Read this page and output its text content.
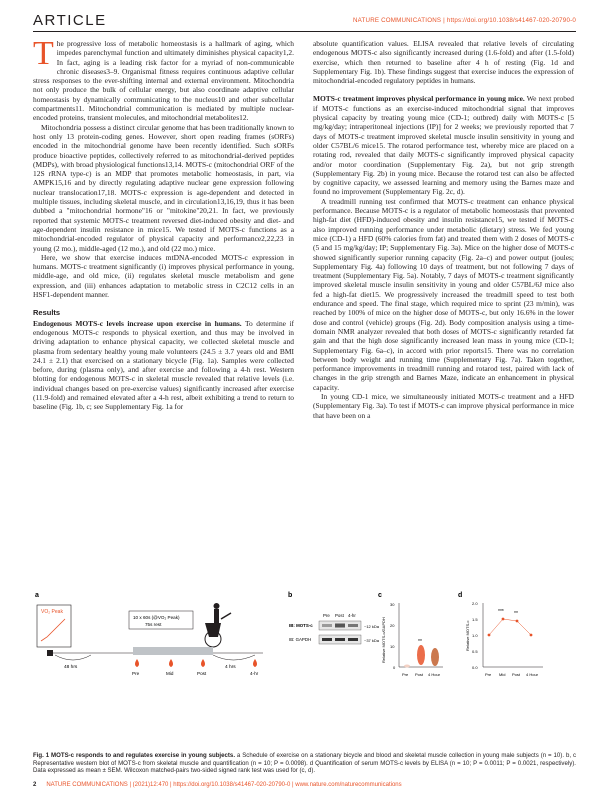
ARTICLE	NATURE COMMUNICATIONS | https://doi.org/10.1038/s41467-020-20790-0

The progressive loss of metabolic homeostasis is a hallmark of aging, which impedes parenchymal function and ultimately diminishes physical capacity1,2. In fact, aging is a leading risk factor for a myriad of non-communicable chronic diseases3–9. Organismal fitness requires continuous adaptive cellular stress responses to the ever-shifting internal and external environment. Mitochondria not only produce the bulk of cellular energy, but also coordinate adaptive cellular homeostasis by dynamically communicating to the nucleus10 and other subcellular compartments11. Mitochondrial communication is mediated by multiple nuclear-encoded proteins, transient molecules, and mitochondrial metabolites12.

Mitochondria possess a distinct circular genome that has been traditionally known to host only 13 protein-coding genes. However, short open reading frames (sORFs) encoded in the mitochondrial genome have been recently identified. Such sORFs produce bioactive peptides, collectively referred to as mitochondrial-derived peptides (MDPs), with broad physiological functions13,14. MOTS-c (mitochondrial ORF of the 12S rRNA type-c) is an MDP that promotes metabolic homeostasis, in part, via AMPK15,16 and by directly regulating adaptive nuclear gene expression following nuclear translocation17,18. MOTS-c expression is age-dependent and detected in multiple tissues, including skeletal muscle, and in circulation13,16,19, thus it has been dubbed a "mitochondrial hormone"16 or "mitokine"20,21. In fact, we previously reported that systemic MOTS-c treatment reversed diet-induced obesity and diet- and age-dependent insulin resistance in mice15. We tested if MOTS-c functions as a mitochondrial-encoded regulator of physical capacity and performance2,22,23 in young (2 mo.), middle-aged (12 mo.), and old (22 mo.) mice.

Here, we show that exercise induces mtDNA-encoded MOTS-c expression in humans. MOTS-c treatment significantly (i) improves physical performance in young, middle-age, and old mice, (ii) regulates skeletal muscle metabolism and gene expression, and (iii) enhances adaptation to metabolic stress in C2C12 cells in an HSF1-dependent manner.

Results

Endogenous MOTS-c levels increase upon exercise in humans. To determine if endogenous MOTS-c responds to physical exertion, and thus may be involved in driving adaptation to enhance physical capacity, we collected skeletal muscle and plasma from sedentary healthy young male volunteers (24.5 ± 3.7 years old and BMI 24.1 ± 2.1) that exercised on a stationary bicycle (Fig. 1a). Samples were collected before, during (plasma only), and after exercise and following a 4-h rest. Western blotting for endogenous MOTS-c in skeletal muscle revealed that relative levels (i.e. individual changes based on pre-exercise values) significantly increased after exercise (11.9-fold) and remained elevated after a 4-h rest, albeit exhibiting a trend to return to baseline (Fig. 1b, c; see Supplementary Fig. 1a for

absolute quantification values. ELISA revealed that relative levels of circulating endogenous MOTS-c also significantly increased during (1.6-fold) and after (1.5-fold) exercise, which then returned to baseline after 4 h of resting (Fig. 1d and Supplementary Fig. 1b). These findings suggest that exercise induces the expression of mitochondrial-encoded regulatory peptides in humans.

MOTS-c treatment improves physical performance in young mice. We next probed if MOTS-c functions as an exercise-induced mitochondrial signal that improves physical capacity by treating young mice (CD-1; outbred) daily with MOTS-c [5 mg/kg/day; intraperitoneal injections (IP)] for 2 weeks; we previously reported that 7 days of MOTS-c treatment improved skeletal muscle insulin sensitivity in young and older C57BL/6 mice15. The rotarod performance test, whereby mice are placed on a rotating rod, revealed that daily MOTS-c significantly improved physical capacity and/or motor coordination (Supplementary Fig. 2a), but not grip strength (Supplementary Fig. 2b) in young mice. Because the rotarod test can also be affected by cognitive capacity, we assessed learning and memory using the Barnes maze and found no improvement (Supplementary Fig. 2c, d).

A treadmill running test confirmed that MOTS-c treatment can enhance physical performance. Because MOTS-c is a regulator of metabolic homeostasis that prevented high-fat diet (HFD)-induced obesity and insulin resistance15, we tested if MOTS-c also improved running performance under metabolic (dietary) stress. We fed young mice (CD-1) a HFD (60% calories from fat) and treated them with 2 doses of MOTS-c (5 and 15 mg/kg/day; IP; Supplementary Fig. 3a). Mice on the higher dose of MOTS-c showed significantly superior running capacity (Fig. 2a–c) and power output (joules; Supplementary Fig. 4a) following 10 days of treatment, but not following 7 days of treatment (Supplementary Fig. 5a). Notably, 7 days of MOTS-c treatment significantly improved skeletal muscle insulin sensitivity in young and older C57BL/6J mice also fed a high-fat diet15. We progressively increased the treadmill speed to test both endurance and speed. The final stage, which required mice to sprint (23 m/min), was reached by 100% of mice on the higher dose of MOTS-c, but only 16.6% in the lower dose and control (vehicle) groups (Fig. 2d). Body composition analysis using a time-domain NMR analyzer revealed that both doses of MOTS-c significantly retarded fat gain and that the high dose significantly increased lean mass in young mice (CD-1; Supplementary Fig. 6a–c), in accord with prior reports15. There was no correlation between body weight and running time (Supplementary Fig. 7a). Taken together, performance improvements in treadmill running and rotarod test, paired with lack of changes in the grip strength and Barnes Maze, indicate an enhancement in physical capacity.

In young CD-1 mice, we simultaneously initiated MOTS-c treatment and a HFD (Supplementary Fig. 3a). To test if MOTS-c can improve physical performance in mice that have been on a

a	b	c	d
VO₂ Peak
10 x 60s (@VO₂ Peak)
75s rest
48 hrs	4 hrs
Pre	Mid	Post	4-hr
Pre Post 4-hr
IB: MOTS-c	~12 kDa
IB: GAPDH	~37 kDa Relative MOTS-c/GAPDH
0
10
20
30
**
Pre Post 4 Hour
Relative MOTS-c
0.0
0.5
1.0
1.5
2.0
*** **
Pre Mid Post 4 Hour
Fig. 1 MOTS-c responds to and regulates exercise in young subjects. a Schedule of exercise on a stationary bicycle and blood and skeletal muscle collection in young male subjects (n = 10). b, c Representative western blot of MOTS-c from skeletal muscle and quantification (n = 10; P = 0.0098). d Quantification of serum MOTS-c levels by ELISA (n = 10; P = 0.0011; P = 0.0021, respectively). Data expressed as mean ± SEM. Wilcoxon matched-pairs two-sided signed rank test was used for (c, d).
2 NATURE COMMUNICATIONS | (2021)12:470 | https://doi.org/10.1038/s41467-020-20790-0 | www.nature.com/naturecommunications
